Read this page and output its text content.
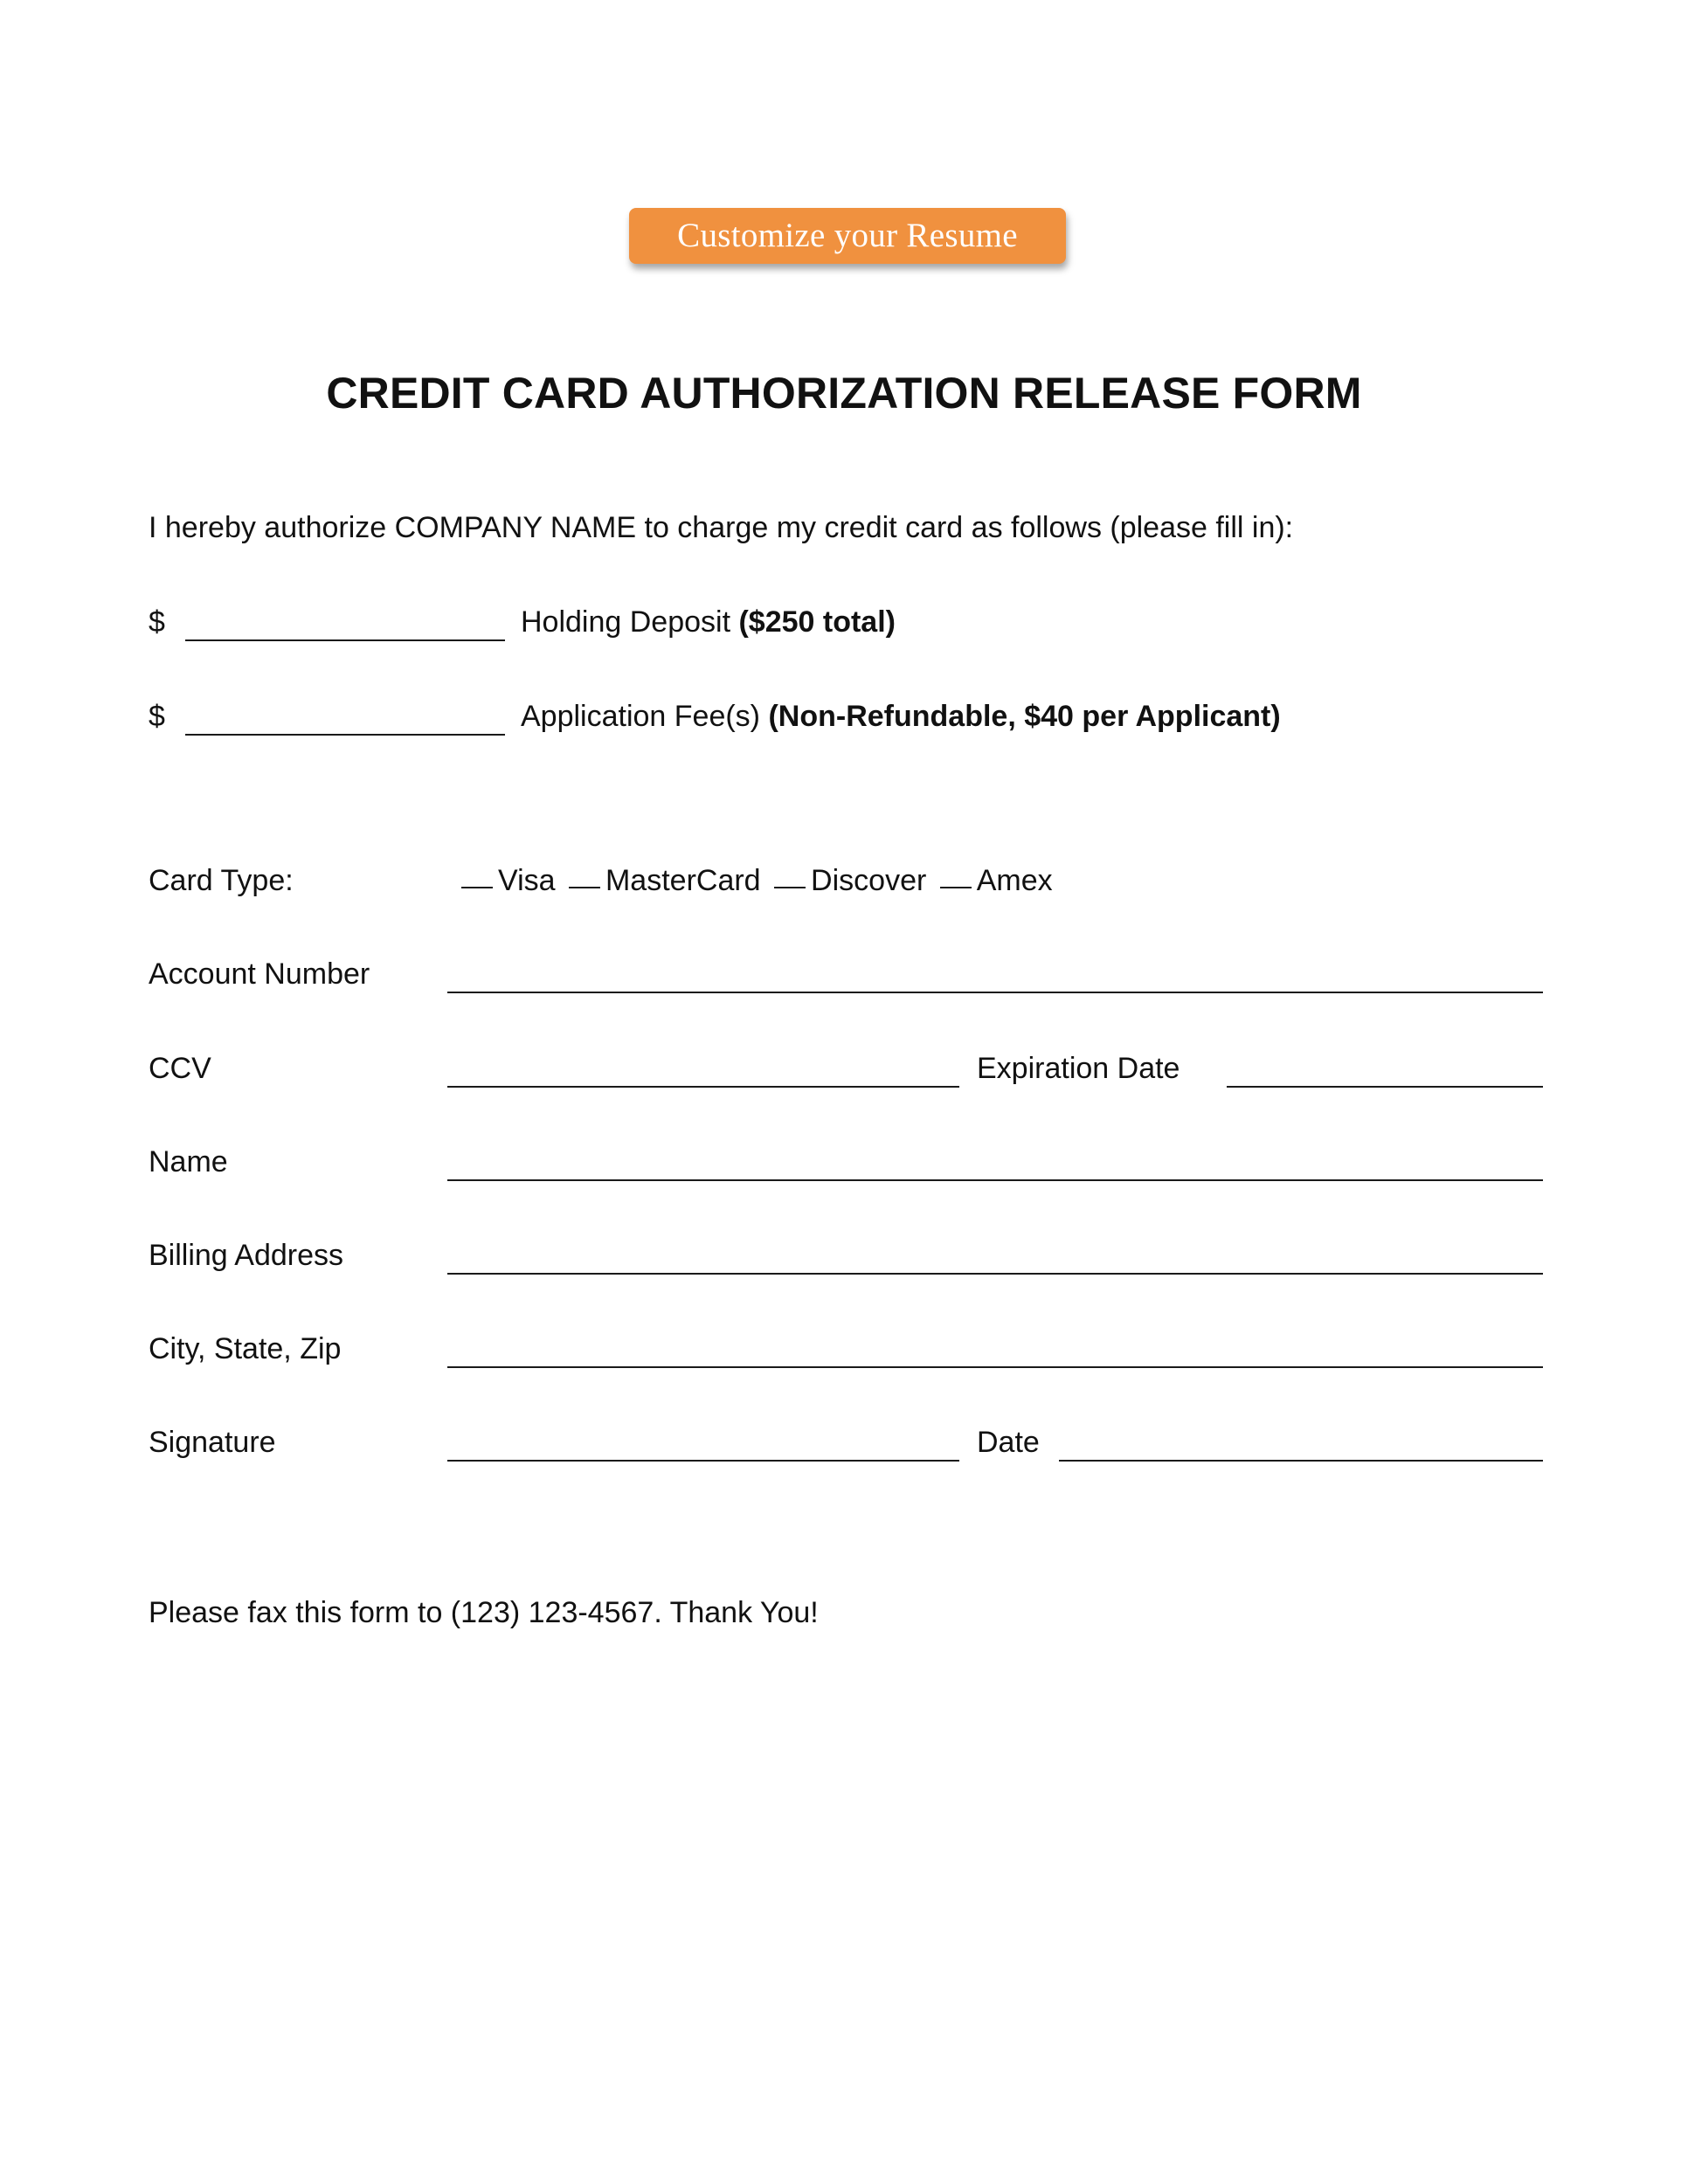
Customize your Resume
CREDIT CARD AUTHORIZATION RELEASE FORM
I hereby authorize COMPANY NAME to charge my credit card as follows (please fill in):
$	Holding Deposit ($250 total)
$	Application Fee(s) (Non-Refundable, $40 per Applicant)
Card Type:	Visa MasterCard Discover Amex
Account Number
CCV	Expiration Date
Name
Billing Address
City, State, Zip
Signature	Date
Please fax this form to (123) 123-4567. Thank You!
